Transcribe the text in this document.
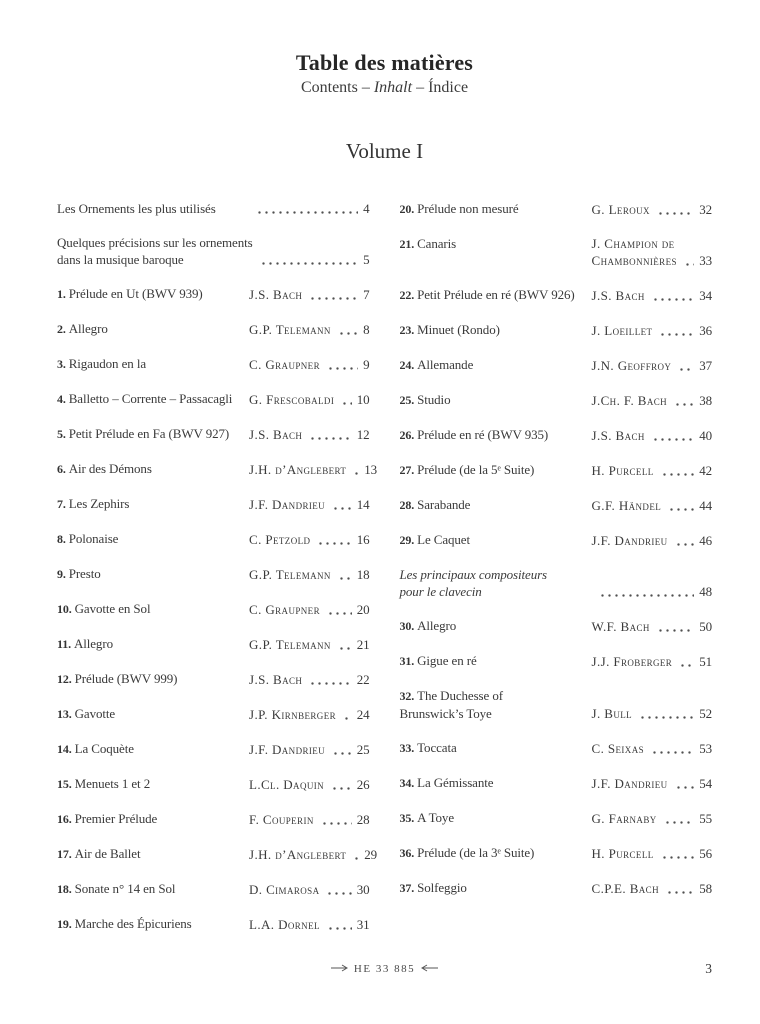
Table des matières
Contents – Inhalt – Índice
Volume I
Les Ornements les plus utilisés	4
Quelques précisions sur les ornements
dans la musique baroque	5
1. Prélude en Ut (BWV 939)	J.S. Bach	7
2. Allegro	G.P. Telemann 8
3. Rigaudon en la	C. Graupner	9
4. Balletto – Corrente – Passacagli	G. Frescobaldi 10
5. Petit Prélude en Fa (BWV 927)	J.S. Bach	12
6. Air des Démons	J.H. d’Anglebert 13
7. Les Zephirs	J.F. Dandrieu 14
8. Polonaise	C. Petzold	16
9. Presto	G.P. Telemann 18
10. Gavotte en Sol	C. Graupner	20
11. Allegro	G.P. Telemann 21
12. Prélude (BWV 999)	J.S. Bach	22
13. Gavotte	J.P. Kirnberger 24
14. La Coquète	J.F. Dandrieu 25
15. Menuets 1 et 2	L.Cl. Daquin	26
16. Premier Prélude	F. Couperin	28
17. Air de Ballet	J.H. d’Anglebert 29
18. Sonate n° 14 en Sol	D. Cimarosa	30
19. Marche des Épicuriens	L.A. Dornel	31
20. Prélude non mesuré	G. Leroux	32
21. Canaris	J. Champion de
Chambonnières 33
22. Petit Prélude en ré (BWV 926)	J.S. Bach	34
23. Minuet (Rondo)	J. Loeillet	36
24. Allemande	J.N. Geoffroy 37
25. Studio	J.Ch. F. Bach 38
26. Prélude en ré (BWV 935)	J.S. Bach	40
27. Prélude (de la 5ᵉ Suite)	H. Purcell	42
28. Sarabande	G.F. Händel	44
29. Le Caquet	J.F. Dandrieu 46
Les principaux compositeurs
pour le clavecin	48
30. Allegro	W.F. Bach	50
31. Gigue en ré	J.J. Froberger 51
32. The Duchesse of
Brunswick’s Toye	J. Bull	52
33. Toccata	C. Seixas	53
34. La Gémissante	J.F. Dandrieu 54
35. A Toye	G. Farnaby	55
36. Prélude (de la 3ᵉ Suite)	H. Purcell	56
37. Solfeggio	C.P.E. Bach	58
HE 33 885	3
